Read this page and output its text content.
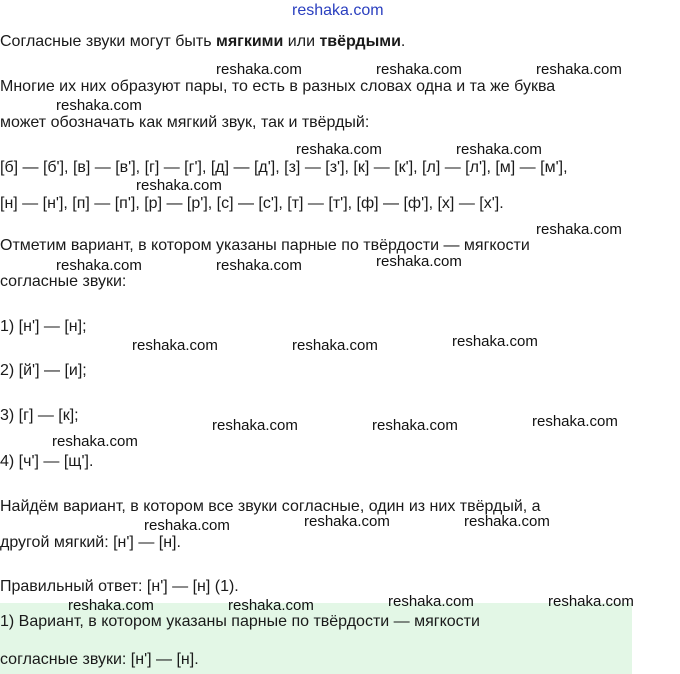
reshaka.com
Согласные звуки могут быть мягкими или твёрдыми.
reshaka.com	reshaka.com	reshaka.com
Многие их них образуют пары, то есть в разных словах одна и та же буква
reshaka.com
может обозначать как мягкий звук, так и твёрдый:
reshaka.com	reshaka.com
[б] — [б'], [в] — [в'], [г] — [г'], [д] — [д'], [з] — [з'], [к] — [к'], [л] — [л'], [м] — [м'],
reshaka.com
[н] — [н'], [п] — [п'], [р] — [р'], [с] — [с'], [т] — [т'], [ф] — [ф'], [х] — [х'].
reshaka.com
Отметим вариант, в котором указаны парные по твёрдости — мягкости
reshaka.com	reshaka.com	reshaka.com
согласные звуки:
1) [н'] — [н];
reshaka.com	reshaka.com	reshaka.com
2) [й'] — [и];
3) [г] — [к];
reshaka.com	reshaka.com	reshaka.com
reshaka.com
4) [ч'] — [щ'].
Найдём вариант, в котором все звуки согласные, один из них твёрдый, а
reshaka.com	reshaka.com	reshaka.com
другой мягкий: [н'] — [н].
Правильный ответ: [н'] — [н] (1).
reshaka.com	reshaka.com	reshaka.com	reshaka.com
1) Вариант, в котором указаны парные по твёрдости — мягкости
согласные звуки: [н'] — [н].
